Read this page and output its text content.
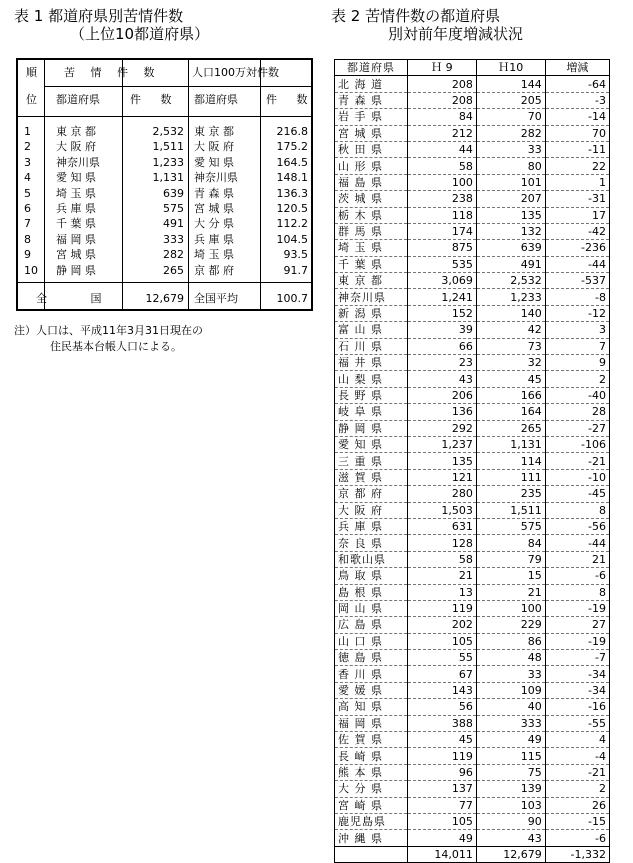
表 1 都道府県別苦情件数
（上位10都道府県）
表 2 苦情件数の都道府県
別対前年度増減状況
順
位
苦 情 件 数	人口100万対件数
都道府県	件 数 都道府県	件 数
1 東 京 都	2,532 東 京 都	216.8
2 大 阪 府	1,511 大 阪 府	175.2
3 神奈川県	1,233 愛 知 県	164.5
4 愛 知 県	1,131 神奈川県	148.1
5 埼 玉 県	639 青 森 県	136.3
6 兵 庫 県	575 宮 城 県	120.5
7 千 葉 県	491 大 分 県	112.2
8 福 岡 県	333 兵 庫 県	104.5
9 宮 城 県	282 埼 玉 県	93.5
10 静 岡 県	265 京 都 府	91.7
全 国	12,679 全国平均	100.7
注）人口は、平成11年3月31日現在の
住民基本台帳人口による。
都道府県	Ｈ 9	Ｈ10	増減
北 海 道	208	144	-64
青 森 県	208	205	-3
岩 手 県	84	70	-14
宮 城 県	212	282	70
秋 田 県	44	33	-11
山 形 県	58	80	22
福 島 県	100	101	1
茨 城 県	238	207	-31
栃 木 県	118	135	17
群 馬 県	174	132	-42
埼 玉 県	875	639	-236
千 葉 県	535	491	-44
東 京 都	3,069	2,532	-537
神奈川県	1,241	1,233	-8
新 潟 県	152	140	-12
富 山 県	39	42	3
石 川 県	66	73	7
福 井 県	23	32	9
山 梨 県	43	45	2
長 野 県	206	166	-40
岐 阜 県	136	164	28
静 岡 県	292	265	-27
愛 知 県	1,237	1,131	-106
三 重 県	135	114	-21
滋 賀 県	121	111	-10
京 都 府	280	235	-45
大 阪 府	1,503	1,511	8
兵 庫 県	631	575	-56
奈 良 県	128	84	-44
和歌山県	58	79	21
鳥 取 県	21	15	-6
島 根 県	13	21	8
岡 山 県	119	100	-19
広 島 県	202	229	27
山 口 県	105	86	-19
徳 島 県	55	48	-7
香 川 県	67	33	-34
愛 媛 県	143	109	-34
高 知 県	56	40	-16
福 岡 県	388	333	-55
佐 賀 県	45	49	4
長 崎 県	119	115	-4
熊 本 県	96	75	-21
大 分 県	137	139	2
宮 崎 県	77	103	26
鹿児島県	105	90	-15
沖 縄 県	49	43	-6
	14,011	12,679	-1,332
